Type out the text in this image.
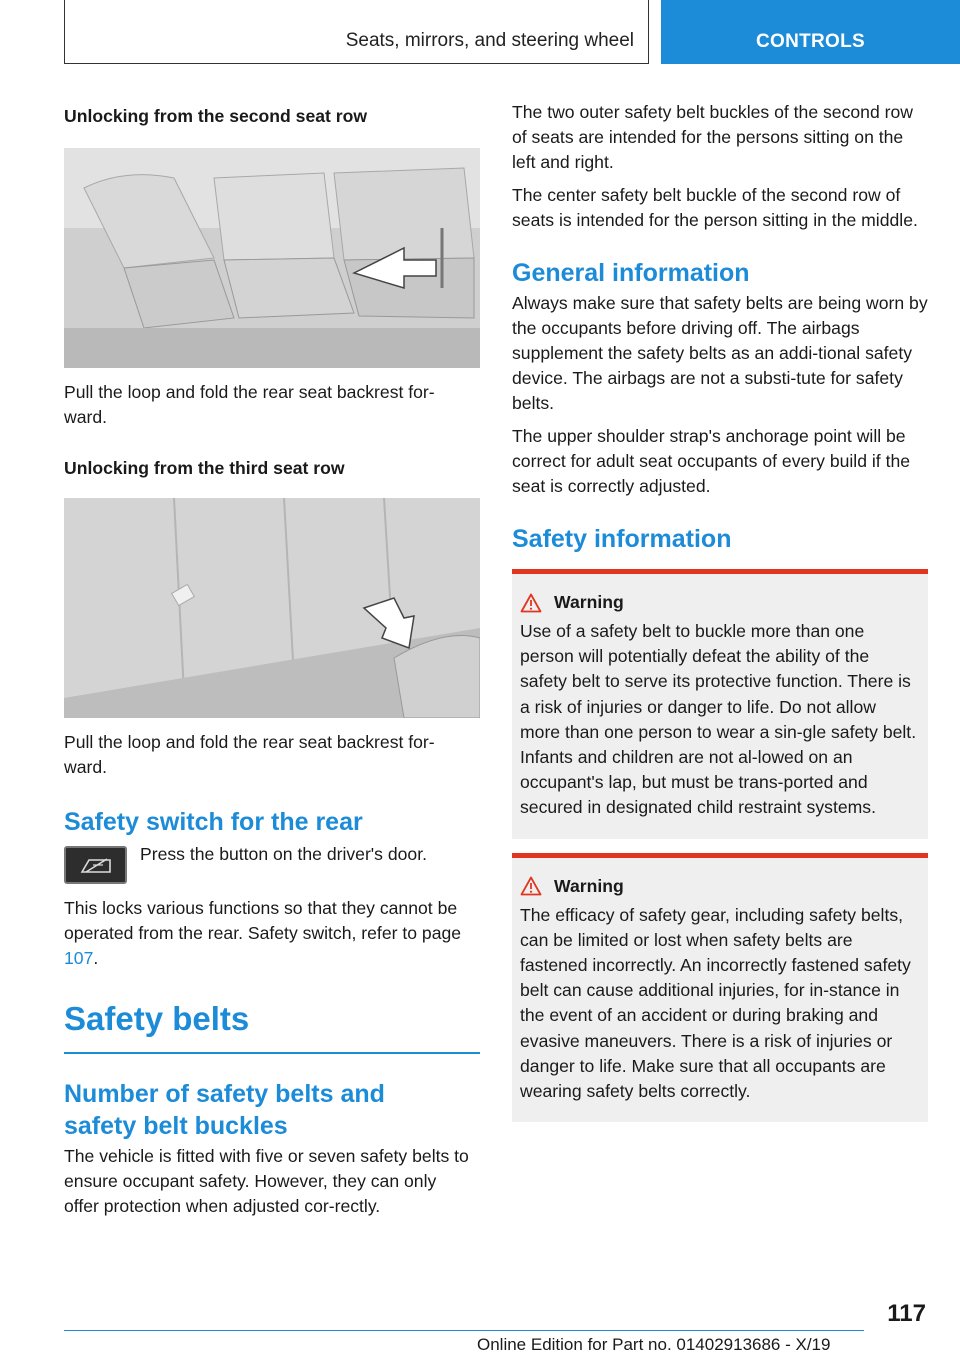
Seats, mirrors, and steering wheel	CONTROLS
Unlocking from the second seat row

Pull the loop and fold the rear seat backrest for-ward.

Unlocking from the third seat row

Pull the loop and fold the rear seat backrest for-ward.

Safety switch for the rear

Press the button on the driver's door.

This locks various functions so that they cannot be operated from the rear. Safety switch, refer to page 107.

Safety belts
Number of safety belts and
safety belt buckles

The vehicle is fitted with five or seven safety belts to ensure occupant safety. However, they can only offer protection when adjusted cor-rectly.

The two outer safety belt buckles of the second row of seats are intended for the persons sitting on the left and right.

The center safety belt buckle of the second row of seats is intended for the person sitting in the middle.

General information

Always make sure that safety belts are being worn by the occupants before driving off. The airbags supplement the safety belts as an addi-tional safety device. The airbags are not a substi-tute for safety belts.

The upper shoulder strap's anchorage point will be correct for adult seat occupants of every build if the seat is correctly adjusted.

Safety information
Warning

Use of a safety belt to buckle more than one person will potentially defeat the ability of the safety belt to serve its protective function. There is a risk of injuries or danger to life. Do not allow more than one person to wear a sin-gle safety belt. Infants and children are not al-lowed on an occupant's lap, but must be trans-ported and secured in designated child restraint systems.

Warning

The efficacy of safety gear, including safety belts, can be limited or lost when safety belts are fastened incorrectly. An incorrectly fastened safety belt can cause additional injuries, for in-stance in the event of an accident or during braking and evasive maneuvers. There is a risk of injuries or danger to life. Make sure that all occupants are wearing safety belts correctly.

117
Online Edition for Part no. 01402913686 - X/19
